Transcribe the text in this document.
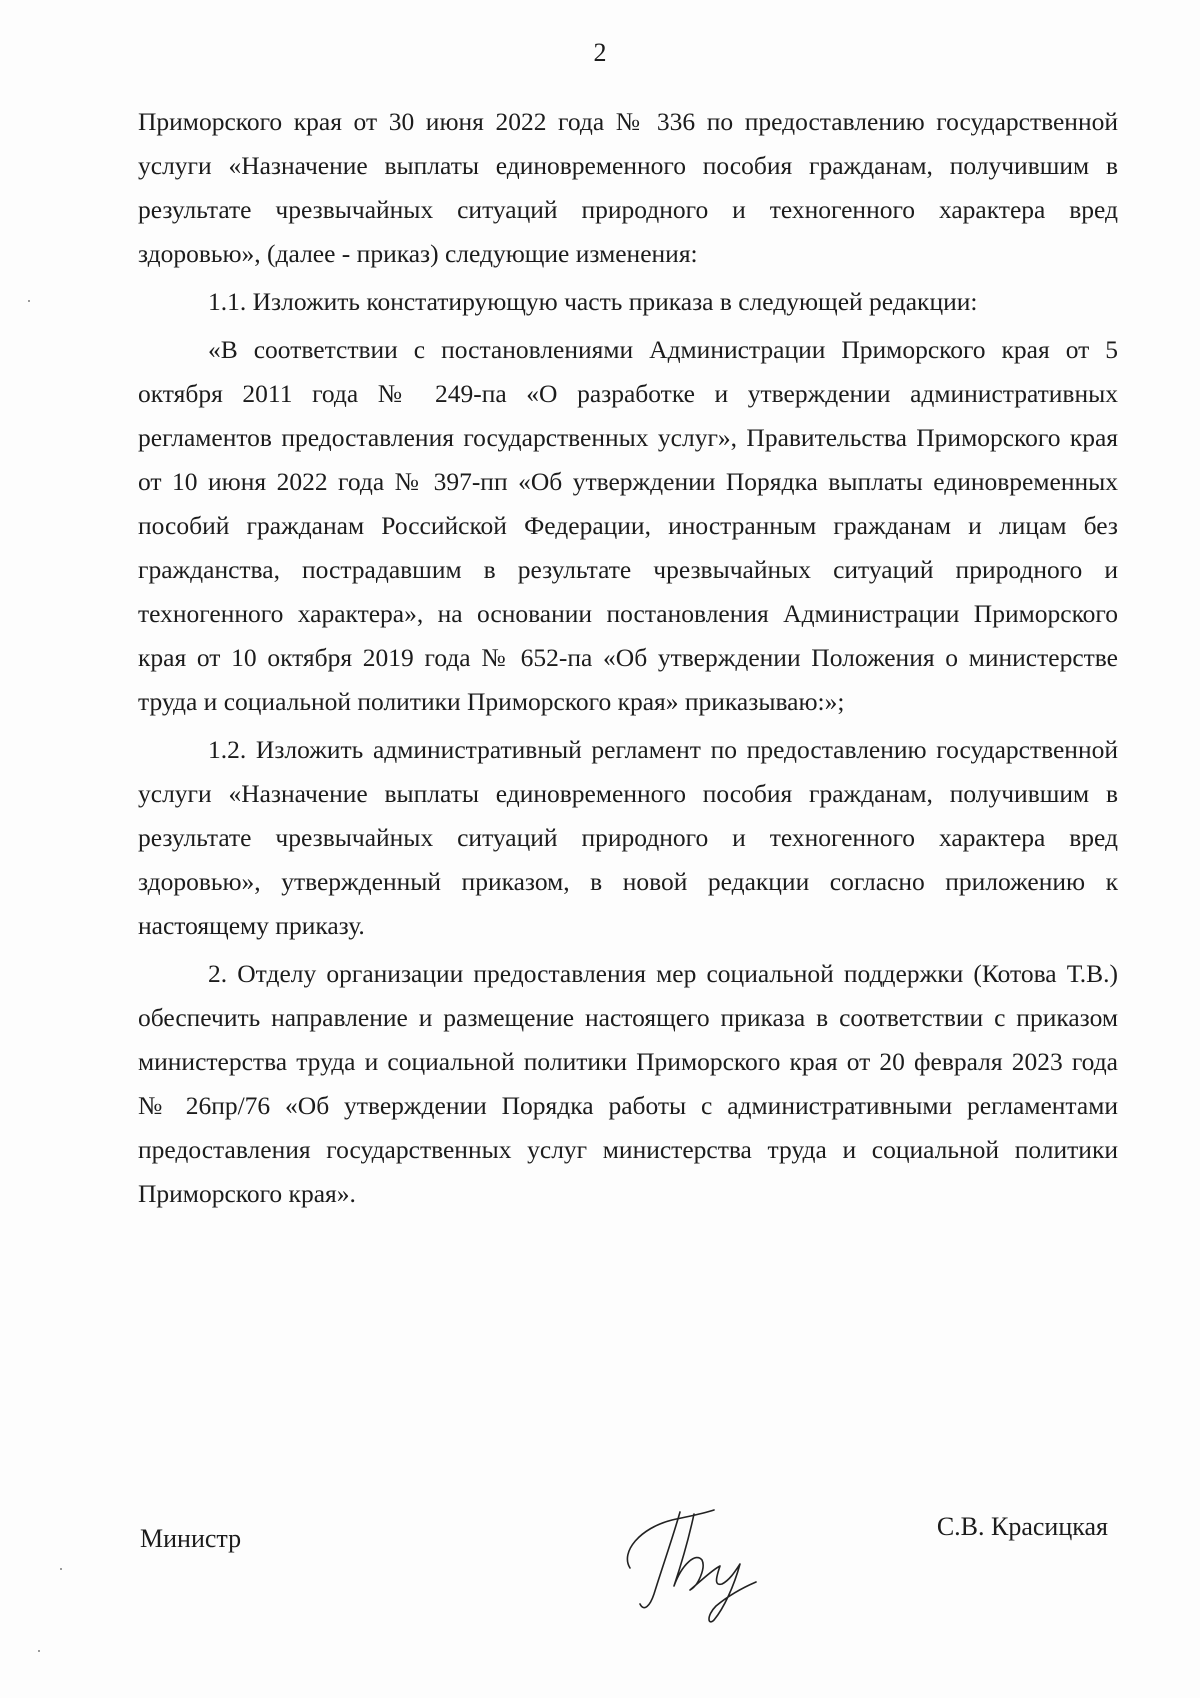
2

Приморского края от 30 июня 2022 года № 336 по предоставлению государственной услуги «Назначение выплаты единовременного пособия гражданам, получившим в результате чрезвычайных ситуаций природного и техногенного характера вред здоровью», (далее - приказ) следующие изменения:

1.1. Изложить констатирующую часть приказа в следующей редакции:

«В соответствии с постановлениями Администрации Приморского края от 5 октября 2011 года № 249-па «О разработке и утверждении административных регламентов предоставления государственных услуг», Правительства Приморского края от 10 июня 2022 года № 397-пп «Об утверждении Порядка выплаты единовременных пособий гражданам Российской Федерации, иностранным гражданам и лицам без гражданства, пострадавшим в результате чрезвычайных ситуаций природного и техногенного характера», на основании постановления Администрации Приморского края от 10 октября 2019 года № 652-па «Об утверждении Положения о министерстве труда и социальной политики Приморского края» приказываю:»;

1.2. Изложить административный регламент по предоставлению государственной услуги «Назначение выплаты единовременного пособия гражданам, получившим в результате чрезвычайных ситуаций природного и техногенного характера вред здоровью», утвержденный приказом, в новой редакции согласно приложению к настоящему приказу.

2. Отделу организации предоставления мер социальной поддержки (Котова Т.В.) обеспечить направление и размещение настоящего приказа в соответствии с приказом министерства труда и социальной политики Приморского края от 20 февраля 2023 года № 26пр/76 «Об утверждении Порядка работы с административными регламентами предоставления государственных услуг министерства труда и социальной политики Приморского края».

Министр	С.В. Красицкая
